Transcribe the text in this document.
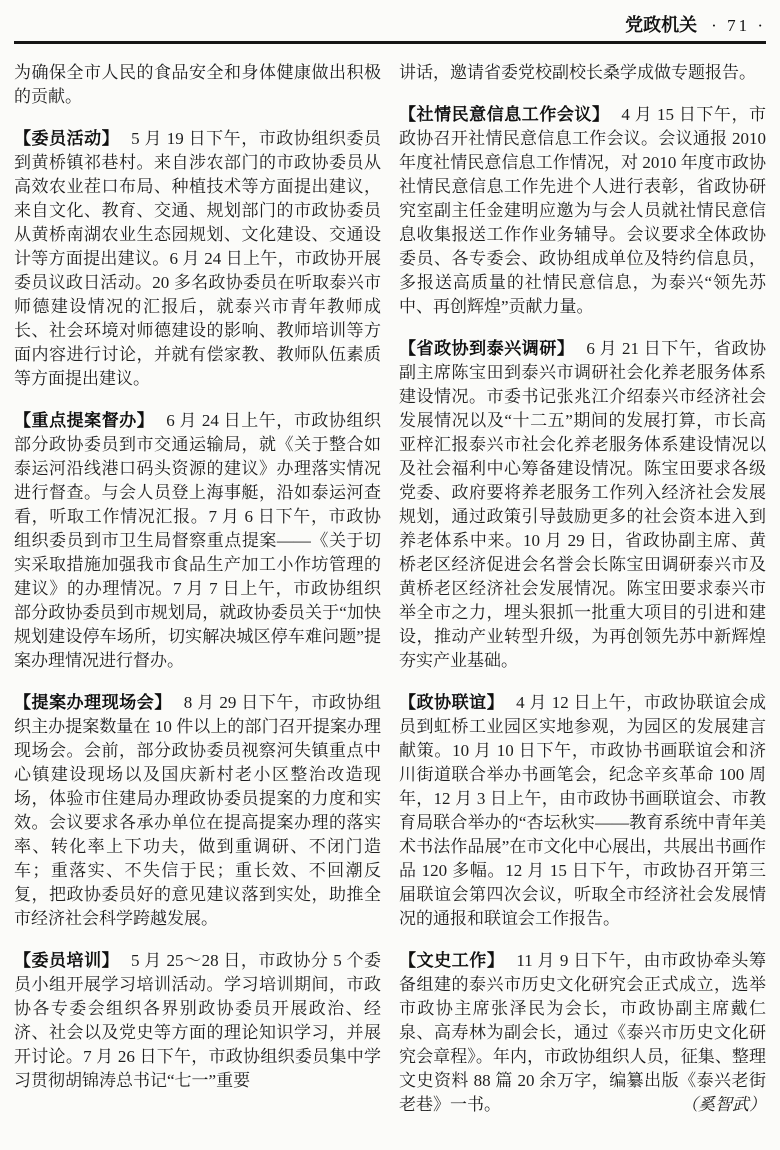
党政机关 · 71 ·

为确保全市人民的食品安全和身体健康做出积极的贡献。

【委员活动】 5 月 19 日下午，市政协组织委员到黄桥镇祁巷村。来自涉农部门的市政协委员从高效农业茬口布局、种植技术等方面提出建议，来自文化、教育、交通、规划部门的市政协委员从黄桥南湖农业生态园规划、文化建设、交通设计等方面提出建议。6 月 24 日上午，市政协开展委员议政日活动。20 多名政协委员在听取泰兴市师德建设情况的汇报后，就泰兴市青年教师成长、社会环境对师德建设的影响、教师培训等方面内容进行讨论，并就有偿家教、教师队伍素质等方面提出建议。

【重点提案督办】 6 月 24 日上午，市政协组织部分政协委员到市交通运输局，就《关于整合如泰运河沿线港口码头资源的建议》办理落实情况进行督查。与会人员登上海事艇，沿如泰运河查看，听取工作情况汇报。7 月 6 日下午，市政协组织委员到市卫生局督察重点提案——《关于切实采取措施加强我市食品生产加工小作坊管理的建议》的办理情况。7 月 7 日上午，市政协组织部分政协委员到市规划局，就政协委员关于“加快规划建设停车场所，切实解决城区停车难问题”提案办理情况进行督办。

【提案办理现场会】 8 月 29 日下午，市政协组织主办提案数量在 10 件以上的部门召开提案办理现场会。会前，部分政协委员视察河失镇重点中心镇建设现场以及国庆新村老小区整治改造现场，体验市住建局办理政协委员提案的力度和实效。会议要求各承办单位在提高提案办理的落实率、转化率上下功夫，做到重调研、不闭门造车；重落实、不失信于民；重长效、不回潮反复，把政协委员好的意见建议落到实处，助推全市经济社会科学跨越发展。

【委员培训】 5 月 25～28 日，市政协分 5 个委员小组开展学习培训活动。学习培训期间，市政协各专委会组织各界别政协委员开展政治、经济、社会以及党史等方面的理论知识学习，并展开讨论。7 月 26 日下午，市政协组织委员集中学习贯彻胡锦涛总书记“七一”重要

讲话，邀请省委党校副校长桑学成做专题报告。

【社情民意信息工作会议】 4 月 15 日下午，市政协召开社情民意信息工作会议。会议通报 2010 年度社情民意信息工作情况，对 2010 年度市政协社情民意信息工作先进个人进行表彰，省政协研究室副主任金建明应邀为与会人员就社情民意信息收集报送工作作业务辅导。会议要求全体政协委员、各专委会、政协组成单位及特约信息员，多报送高质量的社情民意信息，为泰兴“领先苏中、再创辉煌”贡献力量。

【省政协到泰兴调研】 6 月 21 日下午，省政协副主席陈宝田到泰兴市调研社会化养老服务体系建设情况。市委书记张兆江介绍泰兴市经济社会发展情况以及“十二五”期间的发展打算，市长高亚梓汇报泰兴市社会化养老服务体系建设情况以及社会福利中心筹备建设情况。陈宝田要求各级党委、政府要将养老服务工作列入经济社会发展规划，通过政策引导鼓励更多的社会资本进入到养老体系中来。10 月 29 日，省政协副主席、黄桥老区经济促进会名誉会长陈宝田调研泰兴市及黄桥老区经济社会发展情况。陈宝田要求泰兴市举全市之力，埋头狠抓一批重大项目的引进和建设，推动产业转型升级，为再创领先苏中新辉煌夯实产业基础。

【政协联谊】 4 月 12 日上午，市政协联谊会成员到虹桥工业园区实地参观，为园区的发展建言献策。10 月 10 日下午，市政协书画联谊会和济川街道联合举办书画笔会，纪念辛亥革命 100 周年，12 月 3 日上午，由市政协书画联谊会、市教育局联合举办的“杏坛秋实——教育系统中青年美术书法作品展”在市文化中心展出，共展出书画作品 120 多幅。12 月 15 日下午，市政协召开第三届联谊会第四次会议，听取全市经济社会发展情况的通报和联谊会工作报告。

【文史工作】 11 月 9 日下午，由市政协牵头筹备组建的泰兴市历史文化研究会正式成立，选举市政协主席张泽民为会长，市政协副主席戴仁泉、高寿林为副会长，通过《泰兴市历史文化研究会章程》。年内，市政协组织人员，征集、整理文史资料 88 篇 20 余万字，编纂出版《泰兴老街老巷》一书。	（奚智武）
